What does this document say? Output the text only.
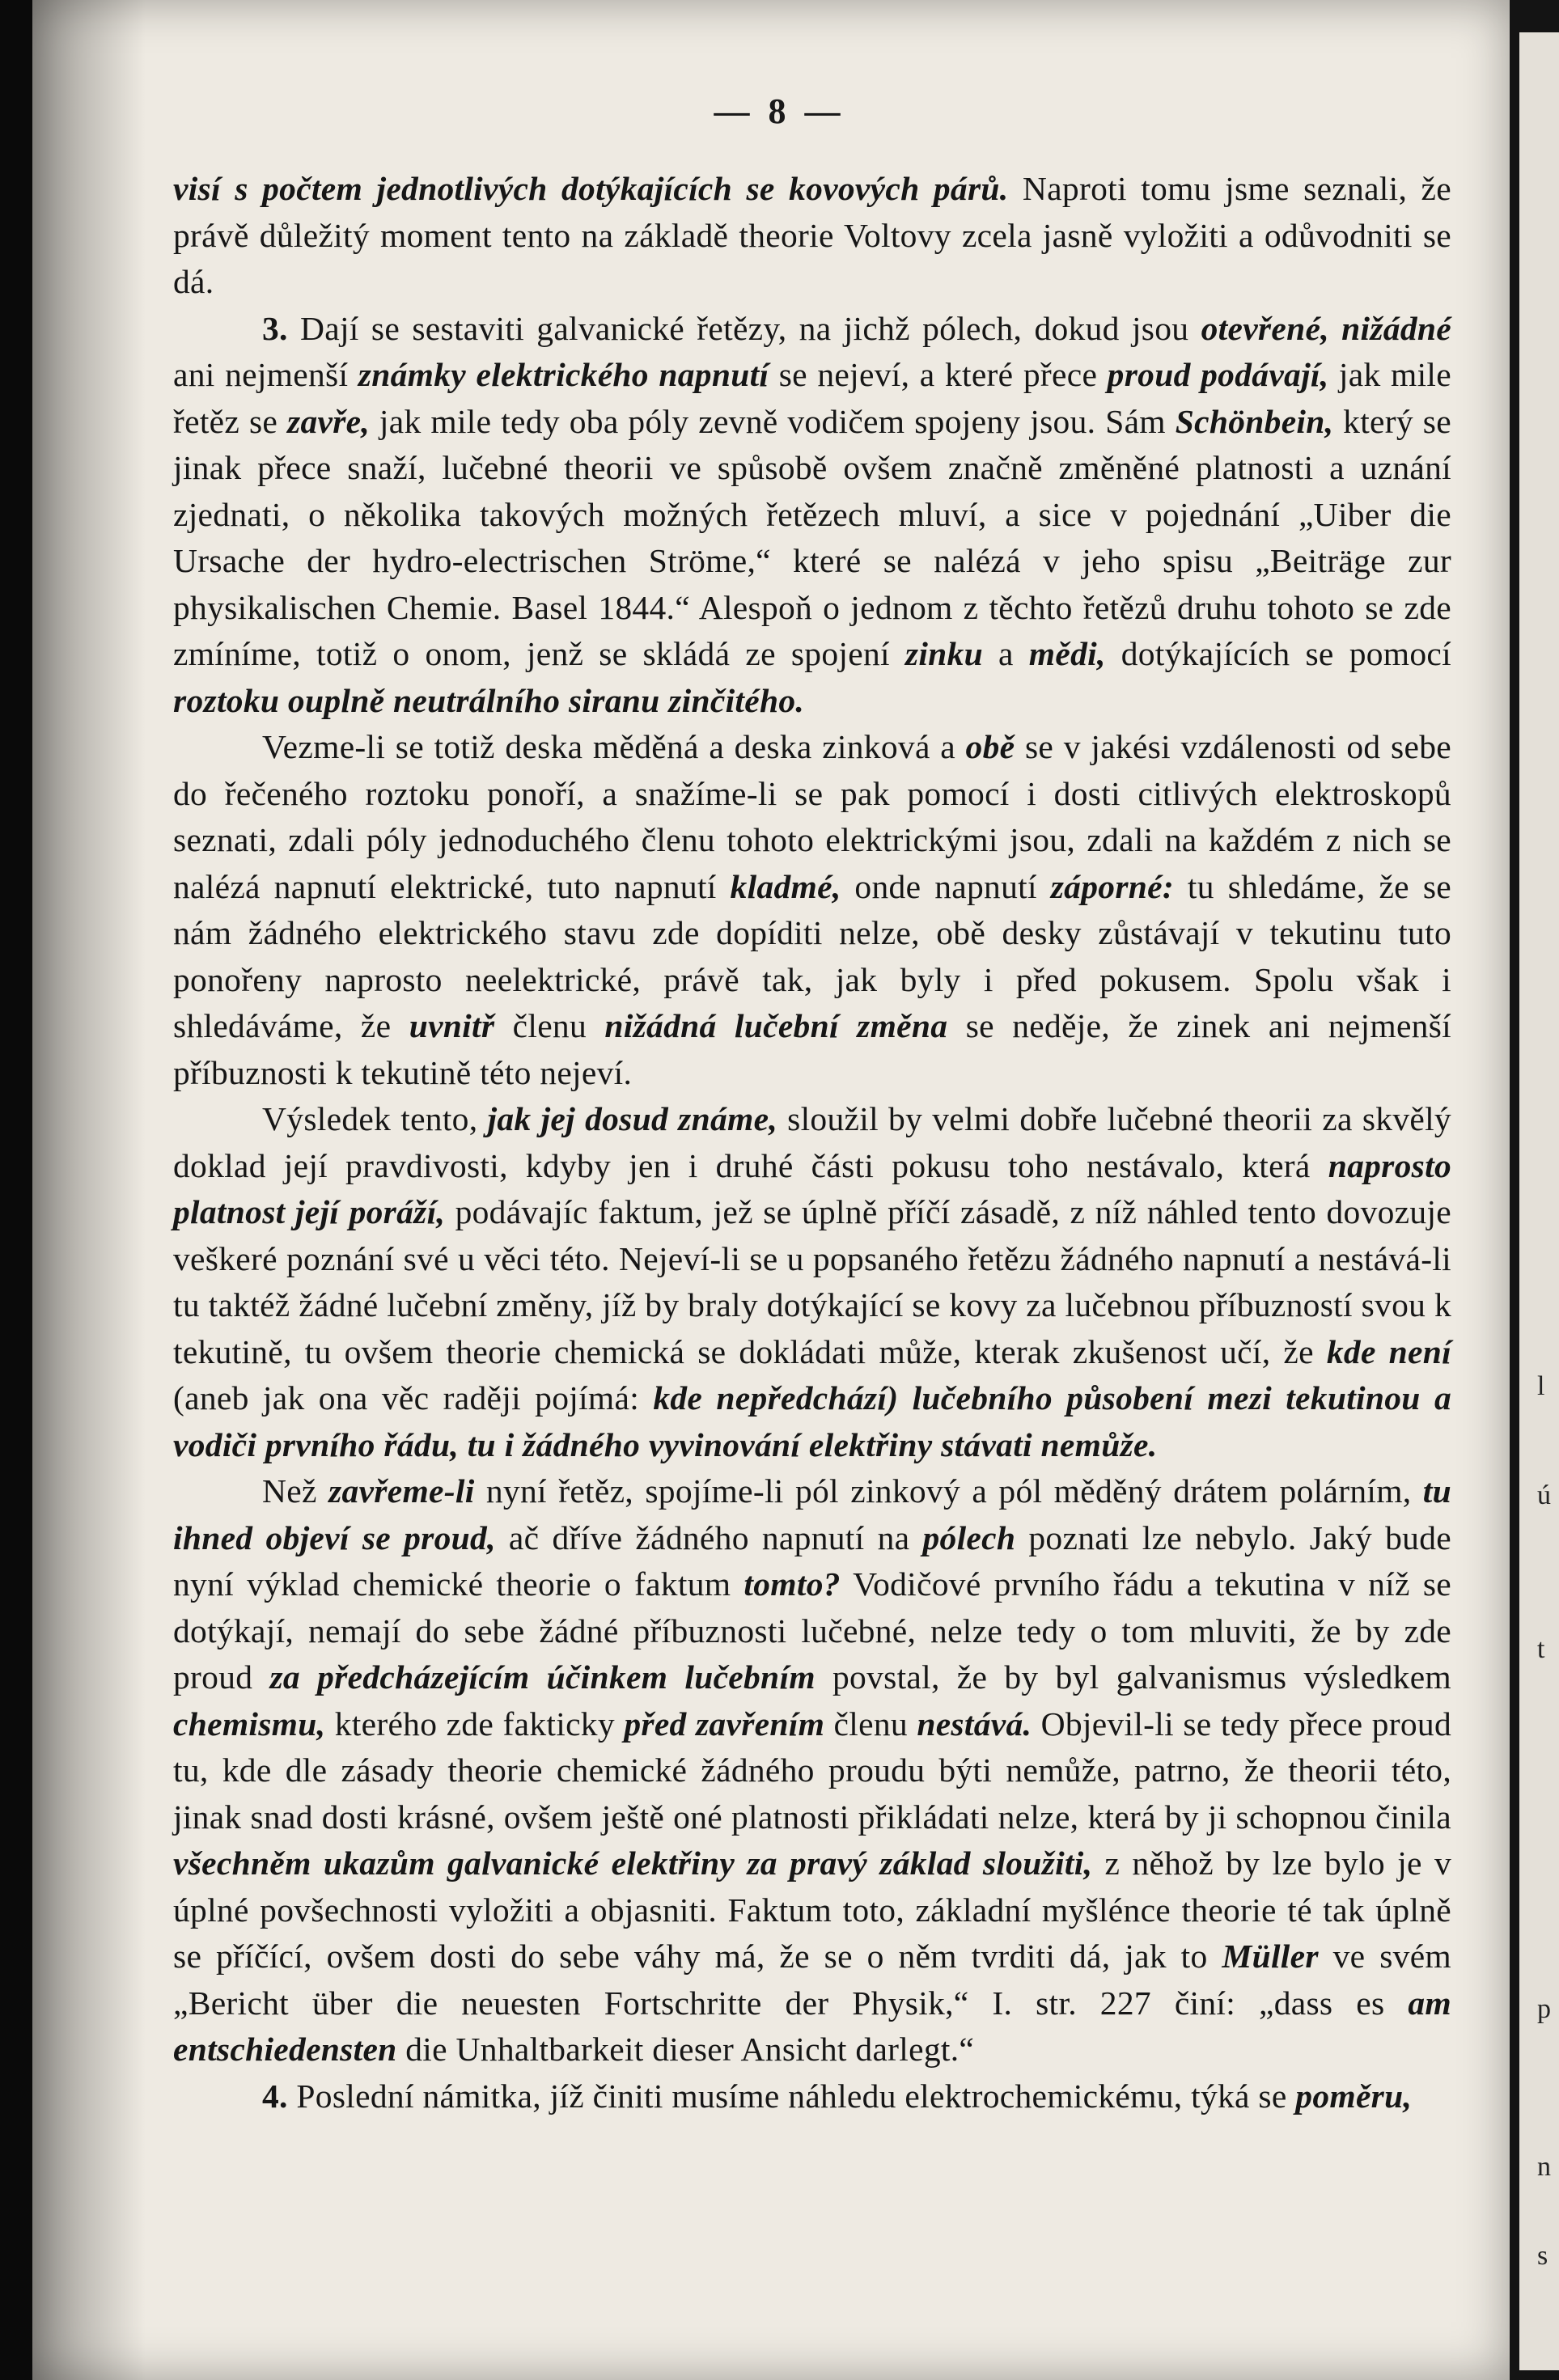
l
ú
t
p
n
s
— 8 —

visí s počtem jednotlivých dotýkajících se kovových párů. Naproti tomu jsme seznali, že právě důležitý moment tento na základě theorie Voltovy zcela jasně vyložiti a odůvodniti se dá.

3. Dají se sestaviti galvanické řetězy, na jichž pólech, dokud jsou otevřené, nižádné ani nejmenší známky elektrického napnutí se nejeví, a které přece proud podávají, jak mile řetěz se zavře, jak mile tedy oba póly zevně vodičem spojeny jsou. Sám Schönbein, který se jinak přece snaží, lučebné theorii ve spůsobě ovšem značně změněné platnosti a uznání zjednati, o několika takových možných řetězech mluví, a sice v pojednání „Uiber die Ursache der hydro-electrischen Ströme,“ které se nalézá v jeho spisu „Beiträge zur physikalischen Chemie. Basel 1844.“ Alespoň o jednom z těchto řetězů druhu tohoto se zde zmíníme, totiž o onom, jenž se skládá ze spojení zinku a mědi, dotýkajících se pomocí roztoku ouplně neutrálního siranu zinčitého.

Vezme-li se totiž deska měděná a deska zinková a obě se v jakési vzdálenosti od sebe do řečeného roztoku ponoří, a snažíme-li se pak pomocí i dosti citlivých elektroskopů seznati, zdali póly jednoduchého členu tohoto elektrickými jsou, zdali na každém z nich se nalézá napnutí elektrické, tuto napnutí kladmé, onde napnutí záporné: tu shledáme, že se nám žádného elektrického stavu zde dopíditi nelze, obě desky zůstávají v tekutinu tuto ponořeny naprosto neelektrické, právě tak, jak byly i před pokusem. Spolu však i shledáváme, že uvnitř členu nižádná lučební změna se neděje, že zinek ani nejmenší příbuznosti k tekutině této nejeví.

Výsledek tento, jak jej dosud známe, sloužil by velmi dobře lučebné theorii za skvělý doklad její pravdivosti, kdyby jen i druhé části pokusu toho nestávalo, která naprosto platnost její poráží, podávajíc faktum, jež se úplně příčí zásadě, z níž náhled tento dovozuje veškeré poznání své u věci této. Nejeví-li se u popsaného řetězu žádného napnutí a nestává-li tu taktéž žádné lučební změny, jíž by braly dotýkající se kovy za lučebnou příbuzností svou k tekutině, tu ovšem theorie chemická se dokládati může, kterak zkušenost učí, že kde není (aneb jak ona věc raději pojímá: kde nepředchází) lučebního působení mezi tekutinou a vodiči prvního řádu, tu i žádného vyvinování elektřiny stávati nemůže.

Než zavřeme-li nyní řetěz, spojíme-li pól zinkový a pól měděný drátem polárním, tu ihned objeví se proud, ač dříve žádného napnutí na pólech poznati lze nebylo. Jaký bude nyní výklad chemické theorie o faktum tomto? Vodičové prvního řádu a tekutina v níž se dotýkají, nemají do sebe žádné příbuznosti lučebné, nelze tedy o tom mluviti, že by zde proud za předcházejícím účinkem lučebním povstal, že by byl galvanismus výsledkem chemismu, kterého zde fakticky před zavřením členu nestává. Objevil-li se tedy přece proud tu, kde dle zásady theorie chemické žádného proudu býti nemůže, patrno, že theorii této, jinak snad dosti krásné, ovšem ještě oné platnosti přikládati nelze, která by ji schopnou činila všechněm ukazům galvanické elektřiny za pravý základ sloužiti, z něhož by lze bylo je v úplné povšechnosti vyložiti a objasniti. Faktum toto, základní myšlénce theorie té tak úplně se příčící, ovšem dosti do sebe váhy má, že se o něm tvrditi dá, jak to Müller ve svém „Bericht über die neuesten Fortschritte der Physik,“ I. str. 227 činí: „dass es am entschiedensten die Unhaltbarkeit dieser Ansicht darlegt.“

4. Poslední námitka, jíž činiti musíme náhledu elektrochemickému, týká se poměru,
